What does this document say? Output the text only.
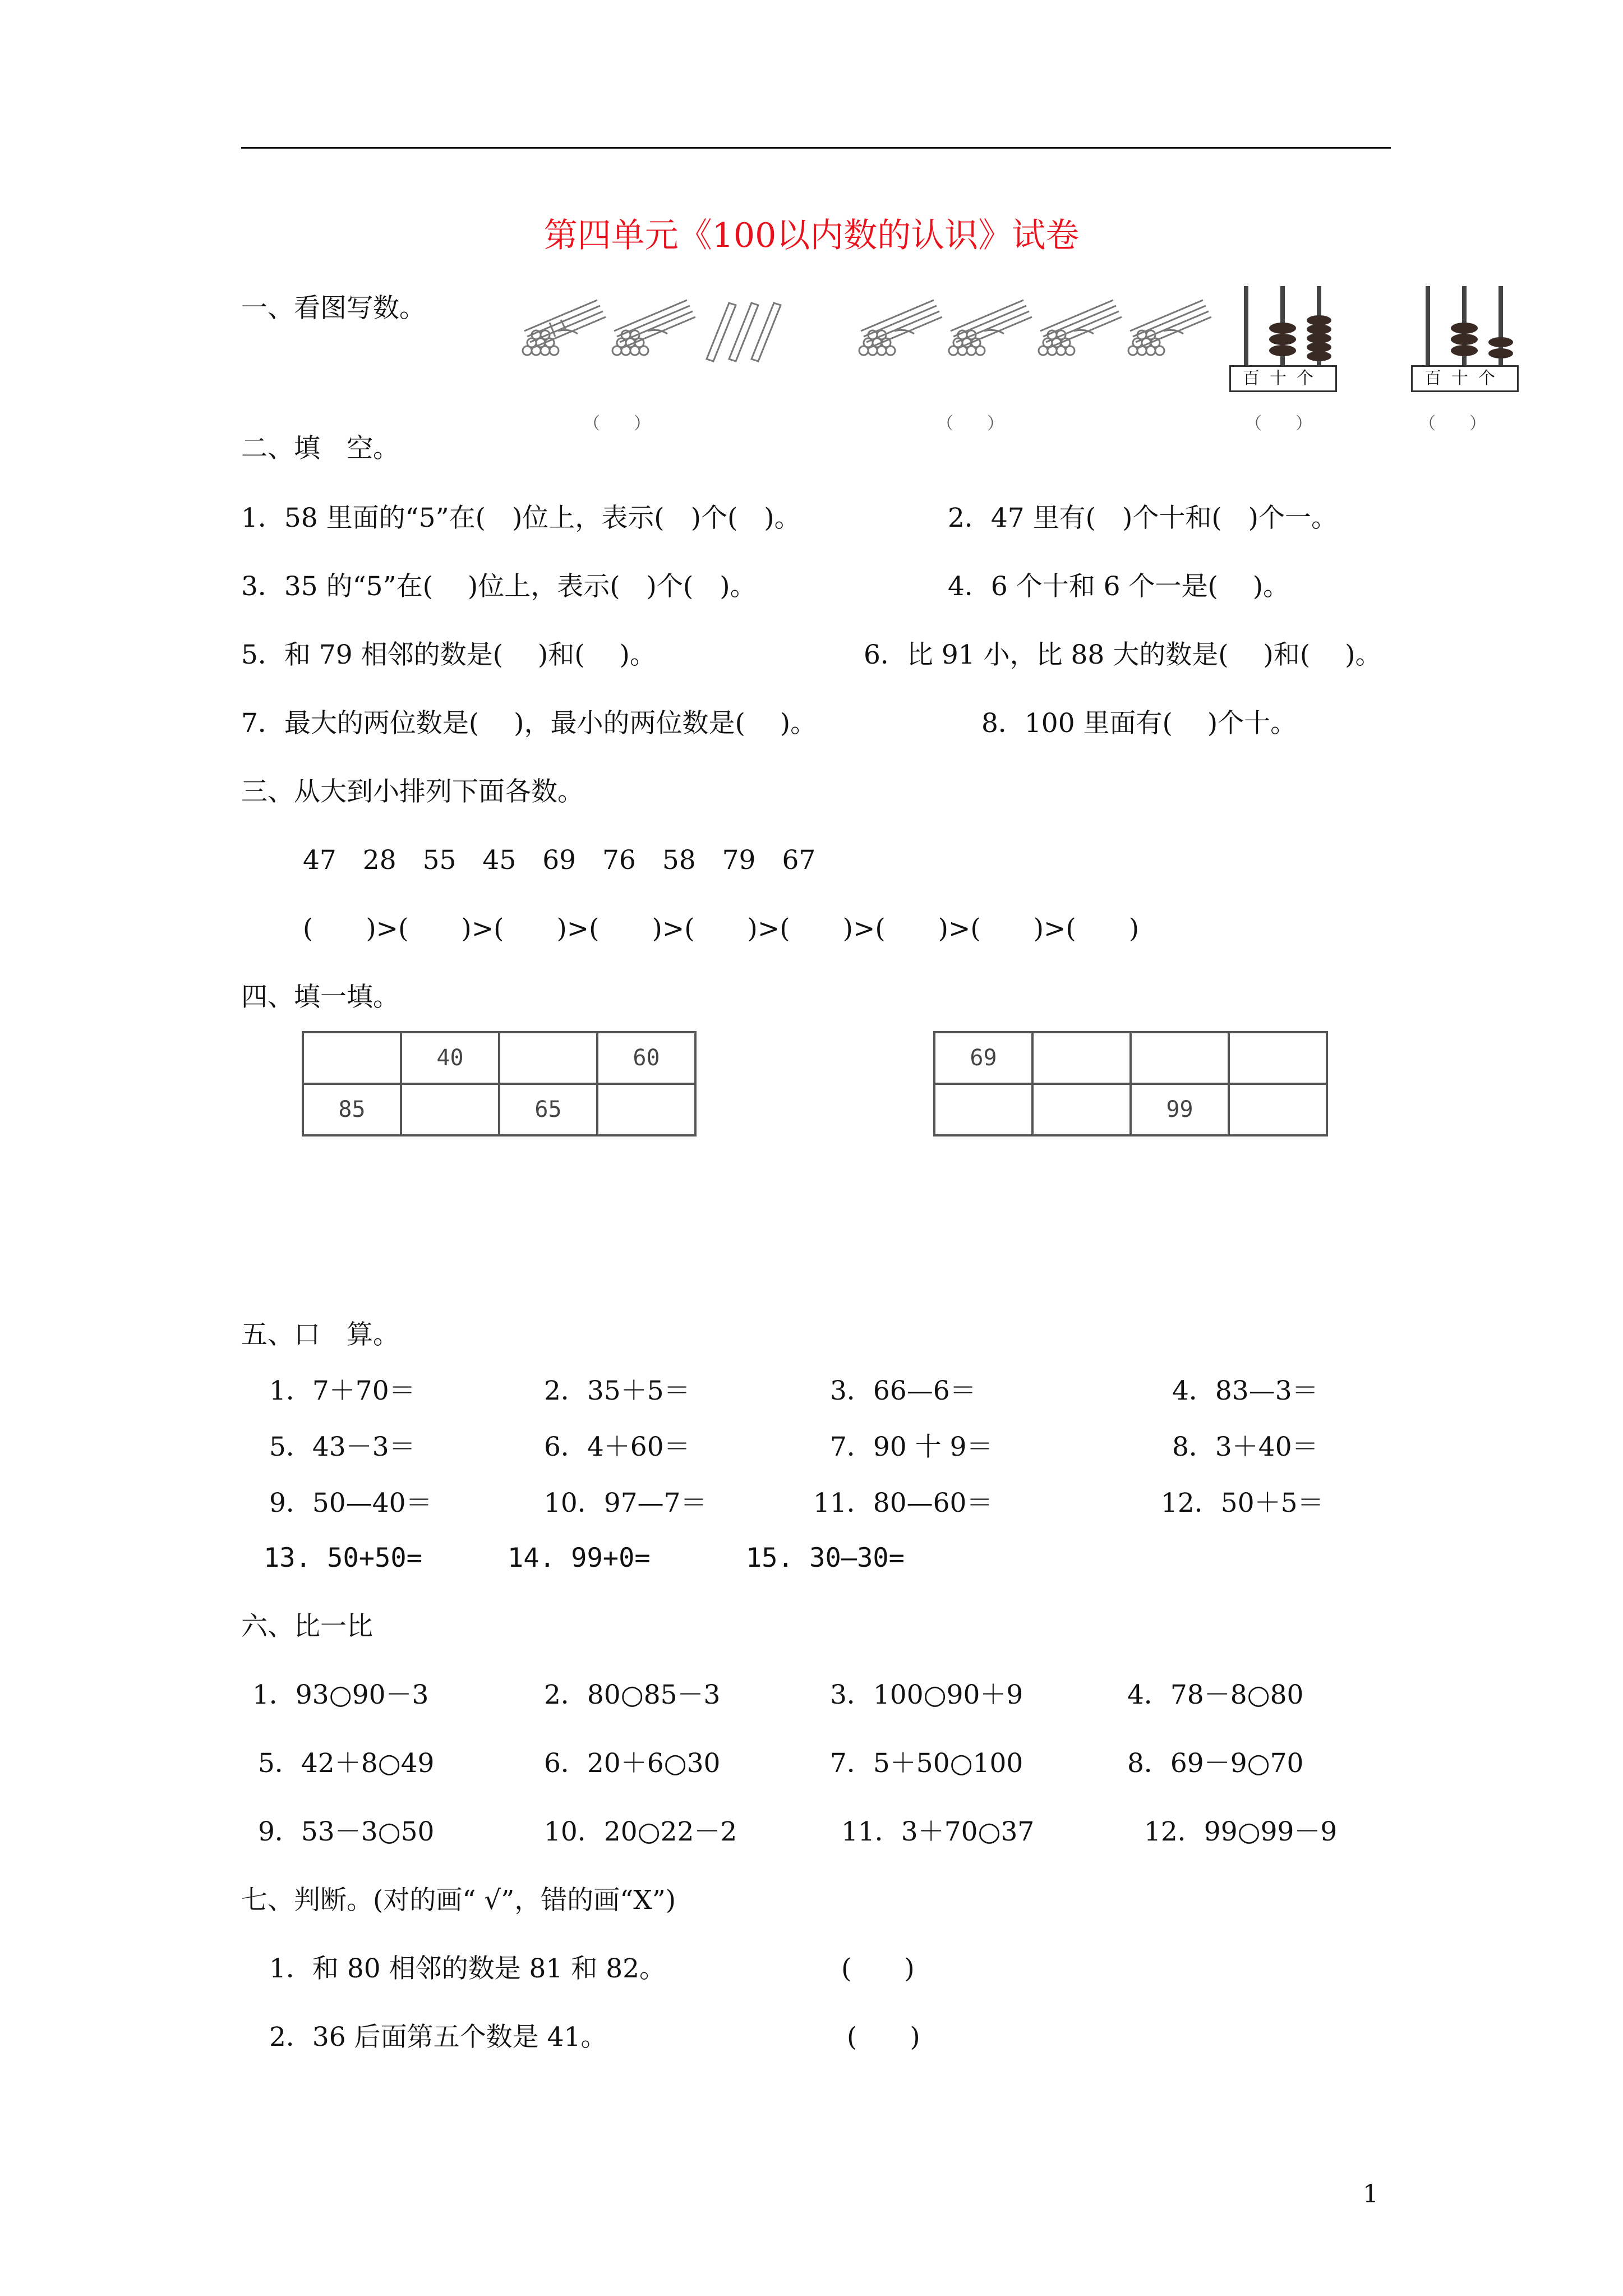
第四单元《100以内数的认识》试卷
一、看图写数。
（　　）	（　　）
百十个
（　　）
百十个
（　　）
二、填　空。
1．58 里面的“5”在(　)位上，表示(　)个(　)。	2．47 里有(　)个十和(　)个一。
3．35 的“5”在(　 )位上，表示(　)个(　)。	4．6 个十和 6 个一是(　 )。
5．和 79 相邻的数是(　 )和(　 )。	6．比 91 小，比 88 大的数是(　 )和(　 )。
7．最大的两位数是(　 )，最小的两位数是(　 )。	8．100 里面有(　 )个十。
三、从大到小排列下面各数。
47　28　55　45　69　76　58　79　67
(　　)>(　　)>(　　)>(　　)>(　　)>(　　)>(　　)>(　　)>(　　)
四、填一填。
	40		60
85		65	
69			
		99	
五、口　算。
1．7＋70＝	2．35＋5＝	3．66—6＝	4．83—3＝
5．43－3＝	6．4＋60＝	7．90 十 9＝	8．3＋40＝
9．50—40＝	10．97—7＝	11．80—60＝	12．50＋5＝
13. 50+50=	14. 99+0=	15. 30—30=
六、比一比
1．93○90－3	2．80○85－3	3．100○90＋9	4．78－8○80
5．42＋8○49	6．20＋6○30	7．5＋50○100	8．69－9○70
9．53－3○50	10．20○22－2	11．3＋70○37	12．99○99－9
七、判断。(对的画“ √”，错的画“X”)
1．和 80 相邻的数是 81 和 82。	(　　)
2．36 后面第五个数是 41。	(　　)
1
